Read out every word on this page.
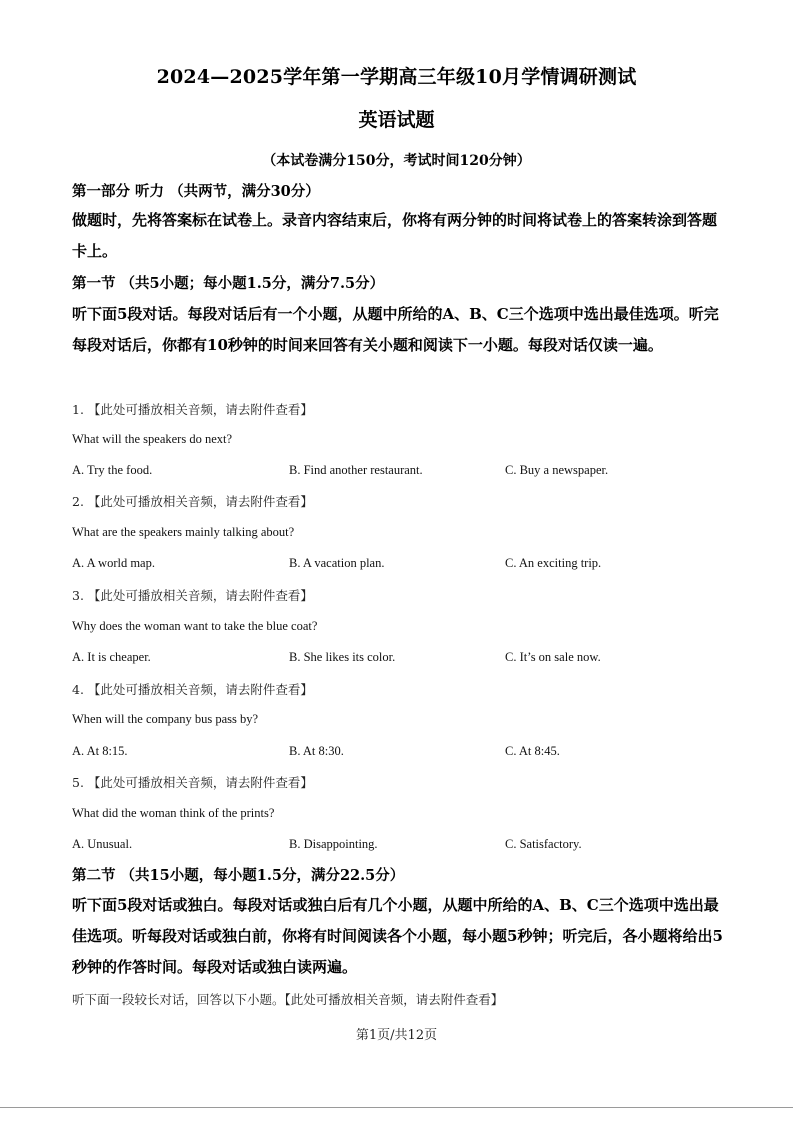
2024—2025学年第一学期高三年级10月学情调研测试
英语试题
（本试卷满分150分，考试时间120分钟）
第一部分 听力 （共两节，满分30分）
做题时，先将答案标在试卷上。录音内容结束后，你将有两分钟的时间将试卷上的答案转涂到答题卡上。
第一节 （共5小题；每小题1.5分，满分7.5分）
听下面5段对话。每段对话后有一个小题，从题中所给的A、B、C三个选项中选出最佳选项。听完每段对话后，你都有10秒钟的时间来回答有关小题和阅读下一小题。每段对话仅读一遍。
1. 【此处可播放相关音频，请去附件查看】
What will the speakers do next?
A. Try the food.	B. Find another restaurant.	C. Buy a newspaper.
2. 【此处可播放相关音频，请去附件查看】
What are the speakers mainly talking about?
A. A world map.	B. A vacation plan.	C. An exciting trip.
3. 【此处可播放相关音频，请去附件查看】
Why does the woman want to take the blue coat?
A. It is cheaper.	B. She likes its color.	C. It’s on sale now.
4. 【此处可播放相关音频，请去附件查看】
When will the company bus pass by?
A. At 8:15.	B. At 8:30.	C. At 8:45.
5. 【此处可播放相关音频，请去附件查看】
What did the woman think of the prints?
A. Unusual.	B. Disappointing.	C. Satisfactory.
第二节 （共15小题，每小题1.5分，满分22.5分）
听下面5段对话或独白。每段对话或独白后有几个小题，从题中所给的A、B、C三个选项中选出最佳选项。听每段对话或独白前，你将有时间阅读各个小题，每小题5秒钟；听完后，各小题将给出5秒钟的作答时间。每段对话或独白读两遍。
听下面一段较长对话，回答以下小题。【此处可播放相关音频，请去附件查看】
第1页/共12页
